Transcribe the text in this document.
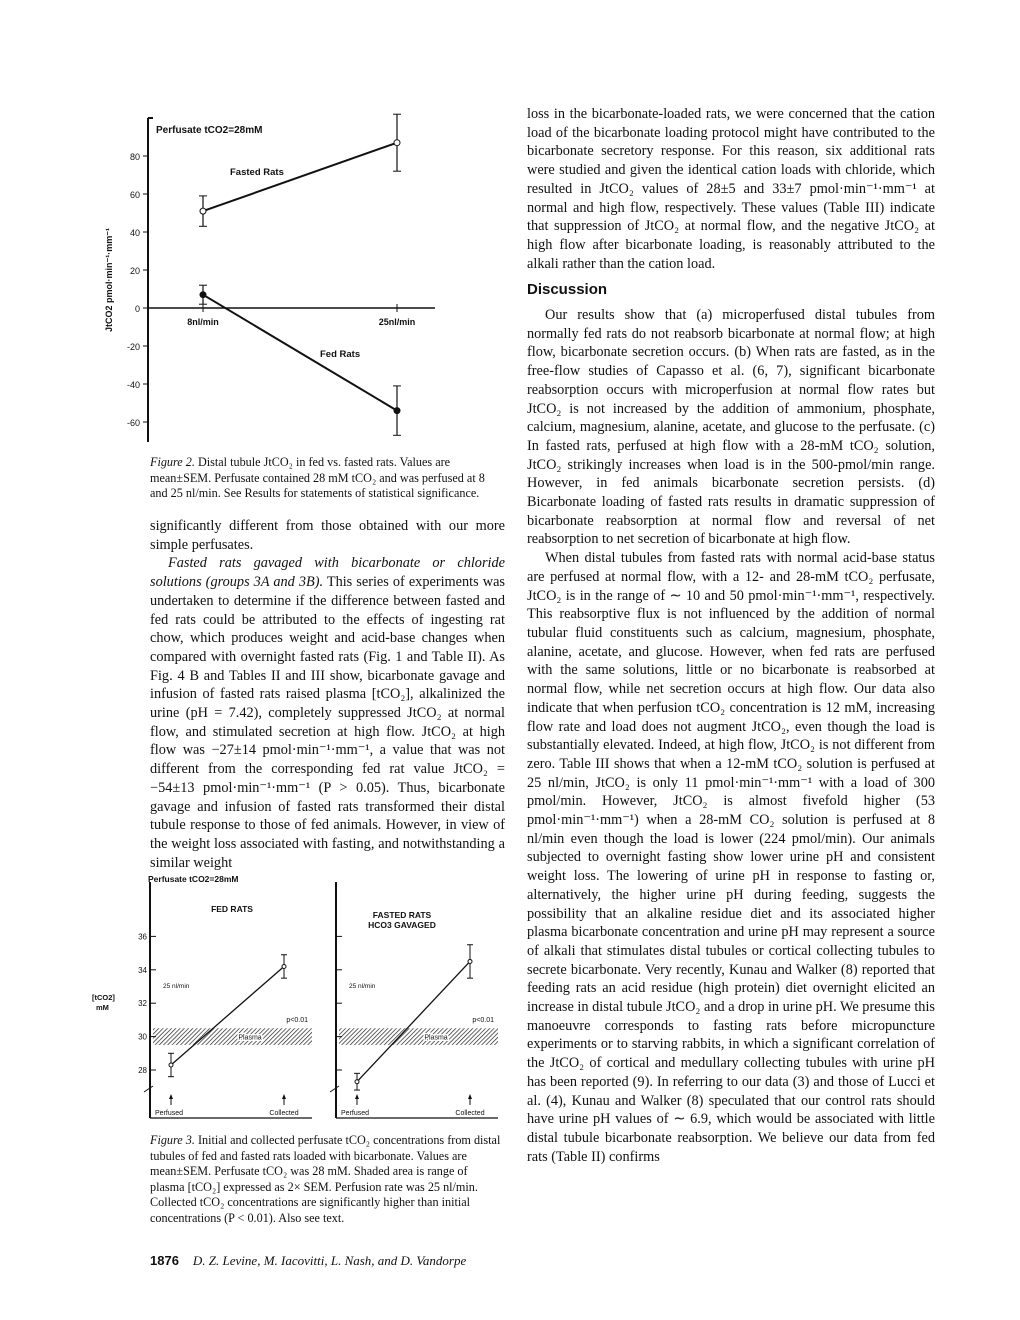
80
60
40
20
0
-20
-40
-60
8nl/min	25nl/min
JtCO2 pmol·min⁻¹·mm⁻¹
Perfusate tCO2=28mM
Fasted Rats
Fed Rats
Figure 2. Distal tubule JtCO₂ in fed vs. fasted rats. Values are mean±SEM. Perfusate contained 28 mM tCO₂ and was perfused at 8 and 25 nl/min. See Results for statements of statistical significance.

significantly different from those obtained with our more simple perfusates.

Fasted rats gavaged with bicarbonate or chloride solutions (groups 3A and 3B). This series of experiments was undertaken to determine if the difference between fasted and fed rats could be attributed to the effects of ingesting rat chow, which produces weight and acid-base changes when compared with overnight fasted rats (Fig. 1 and Table II). As Fig. 4 B and Tables II and III show, bicarbonate gavage and infusion of fasted rats raised plasma [tCO₂], alkalinized the urine (pH = 7.42), completely suppressed JtCO₂ at normal flow, and stimulated secretion at high flow. JtCO₂ at high flow was −27±14 pmol·min⁻¹·mm⁻¹, a value that was not different from the corresponding fed rat value JtCO₂ = −54±13 pmol·min⁻¹·mm⁻¹ (P > 0.05). Thus, bicarbonate gavage and infusion of fasted rats transformed their distal tubule response to those of fed animals. However, in view of the weight loss associated with fasting, and notwithstanding a similar weight

Perfusate tCO2=28mM
[tCO2]
mM
36
34
32
30
28
Plasma
FED RATS
25 nl/min
p<0.01
Perfused	Collected
Plasma
FASTED RATS
HCO3 GAVAGED
25 nl/min
p<0.01
Perfused	Collected
Figure 3. Initial and collected perfusate tCO₂ concentrations from distal tubules of fed and fasted rats loaded with bicarbonate. Values are mean±SEM. Perfusate tCO₂ was 28 mM. Shaded area is range of plasma [tCO₂] expressed as 2× SEM. Perfusion rate was 25 nl/min. Collected tCO₂ concentrations are significantly higher than initial concentrations (P < 0.01). Also see text.

loss in the bicarbonate-loaded rats, we were concerned that the cation load of the bicarbonate loading protocol might have contributed to the bicarbonate secretory response. For this reason, six additional rats were studied and given the identical cation loads with chloride, which resulted in JtCO₂ values of 28±5 and 33±7 pmol·min⁻¹·mm⁻¹ at normal and high flow, respectively. These values (Table III) indicate that suppression of JtCO₂ at normal flow, and the negative JtCO₂ at high flow after bicarbonate loading, is reasonably attributed to the alkali rather than the cation load.

Discussion

Our results show that (a) microperfused distal tubules from normally fed rats do not reabsorb bicarbonate at normal flow; at high flow, bicarbonate secretion occurs. (b) When rats are fasted, as in the free-flow studies of Capasso et al. (6, 7), significant bicarbonate reabsorption occurs with microperfusion at normal flow rates but JtCO₂ is not increased by the addition of ammonium, phosphate, calcium, magnesium, alanine, acetate, and glucose to the perfusate. (c) In fasted rats, perfused at high flow with a 28-mM tCO₂ solution, JtCO₂ strikingly increases when load is in the 500-pmol/min range. However, in fed animals bicarbonate secretion persists. (d) Bicarbonate loading of fasted rats results in dramatic suppression of bicarbonate reabsorption at normal flow and reversal of net reabsorption to net secretion of bicarbonate at high flow.

When distal tubules from fasted rats with normal acid-base status are perfused at normal flow, with a 12- and 28-mM tCO₂ perfusate, JtCO₂ is in the range of ∼ 10 and 50 pmol·min⁻¹·mm⁻¹, respectively. This reabsorptive flux is not influenced by the addition of normal tubular fluid constituents such as calcium, magnesium, phosphate, alanine, acetate, and glucose. However, when fed rats are perfused with the same solutions, little or no bicarbonate is reabsorbed at normal flow, while net secretion occurs at high flow. Our data also indicate that when perfusion tCO₂ concentration is 12 mM, increasing flow rate and load does not augment JtCO₂, even though the load is substantially elevated. Indeed, at high flow, JtCO₂ is not different from zero. Table III shows that when a 12-mM tCO₂ solution is perfused at 25 nl/min, JtCO₂ is only 11 pmol·min⁻¹·mm⁻¹ with a load of 300 pmol/min. However, JtCO₂ is almost fivefold higher (53 pmol·min⁻¹·mm⁻¹) when a 28-mM CO₂ solution is perfused at 8 nl/min even though the load is lower (224 pmol/min). Our animals subjected to overnight fasting show lower urine pH and consistent weight loss. The lowering of urine pH in response to fasting or, alternatively, the higher urine pH during feeding, suggests the possibility that an alkaline residue diet and its associated higher plasma bicarbonate concentration and urine pH may represent a source of alkali that stimulates distal tubules or cortical collecting tubules to secrete bicarbonate. Very recently, Kunau and Walker (8) reported that feeding rats an acid residue (high protein) diet overnight elicited an increase in distal tubule JtCO₂ and a drop in urine pH. We presume this manoeuvre corresponds to fasting rats before micropuncture experiments or to starving rabbits, in which a significant correlation of the JtCO₂ of cortical and medullary collecting tubules with urine pH has been reported (9). In referring to our data (3) and those of Lucci et al. (4), Kunau and Walker (8) speculated that our control rats should have urine pH values of ∼ 6.9, which would be associated with little distal tubule bicarbonate reabsorption. We believe our data from fed rats (Table II) confirms

1876 D. Z. Levine, M. Iacovitti, L. Nash, and D. Vandorpe
